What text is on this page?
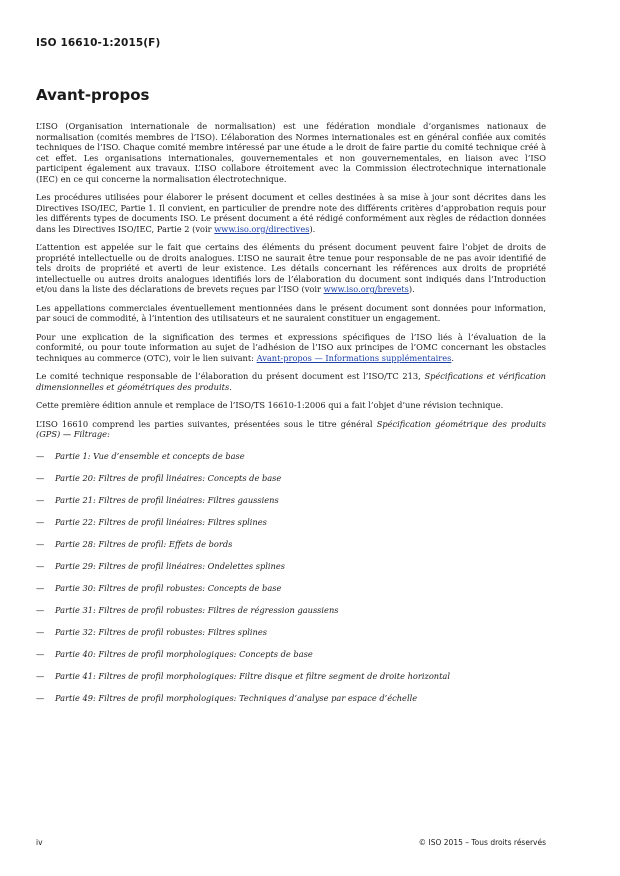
ISO 16610-1:2015(F)
Avant-propos

L’ISO (Organisation internationale de normalisation) est une fédération mondiale d’organismes nationaux de normalisation (comités membres de l’ISO). L’élaboration des Normes internationales est en général confiée aux comités techniques de l’ISO. Chaque comité membre intéressé par une étude a le droit de faire partie du comité technique créé à cet effet. Les organisations internationales, gouvernementales et non gouvernementales, en liaison avec l’ISO participent également aux travaux. L’ISO collabore étroitement avec la Commission électrotechnique internationale (IEC) en ce qui concerne la normalisation électrotechnique.

Les procédures utilisées pour élaborer le présent document et celles destinées à sa mise à jour sont décrites dans les Directives ISO/IEC, Partie 1. Il convient, en particulier de prendre note des différents critères d’approbation requis pour les différents types de documents ISO. Le présent document a été rédigé conformément aux règles de rédaction données dans les Directives ISO/IEC, Partie 2 (voir www.iso.org/directives).

L’attention est appelée sur le fait que certains des éléments du présent document peuvent faire l’objet de droits de propriété intellectuelle ou de droits analogues. L’ISO ne saurait être tenue pour responsable de ne pas avoir identifié de tels droits de propriété et averti de leur existence. Les détails concernant les références aux droits de propriété intellectuelle ou autres droits analogues identifiés lors de l’élaboration du document sont indiqués dans l’Introduction et/ou dans la liste des déclarations de brevets reçues par l’ISO (voir www.iso.org/brevets).

Les appellations commerciales éventuellement mentionnées dans le présent document sont données pour information, par souci de commodité, à l’intention des utilisateurs et ne sauraient constituer un engagement.

Pour une explication de la signification des termes et expressions spécifiques de l’ISO liés à l’évaluation de la conformité, ou pour toute information au sujet de l’adhésion de l’ISO aux principes de l’OMC concernant les obstacles techniques au commerce (OTC), voir le lien suivant: Avant-propos — Informations supplémentaires.

Le comité technique responsable de l’élaboration du présent document est l’ISO/TC 213, Spécifications et vérification dimensionnelles et géométriques des produits.

Cette première édition annule et remplace de l’ISO/TS 16610-1:2006 qui a fait l’objet d’une révision technique.

L’ISO 16610 comprend les parties suivantes, présentées sous le titre général Spécification géométrique des produits (GPS) — Filtrage:

— Partie 1: Vue d’ensemble et concepts de base
— Partie 20: Filtres de profil linéaires: Concepts de base
— Partie 21: Filtres de profil linéaires: Filtres gaussiens
— Partie 22: Filtres de profil linéaires: Filtres splines
— Partie 28: Filtres de profil: Effets de bords
— Partie 29: Filtres de profil linéaires: Ondelettes splines
— Partie 30: Filtres de profil robustes: Concepts de base
— Partie 31: Filtres de profil robustes: Filtres de régression gaussiens
— Partie 32: Filtres de profil robustes: Filtres splines
— Partie 40: Filtres de profil morphologiques: Concepts de base
— Partie 41: Filtres de profil morphologiques: Filtre disque et filtre segment de droite horizontal
— Partie 49: Filtres de profil morphologiques: Techniques d’analyse par espace d’échelle
iv	© ISO 2015 – Tous droits réservés
